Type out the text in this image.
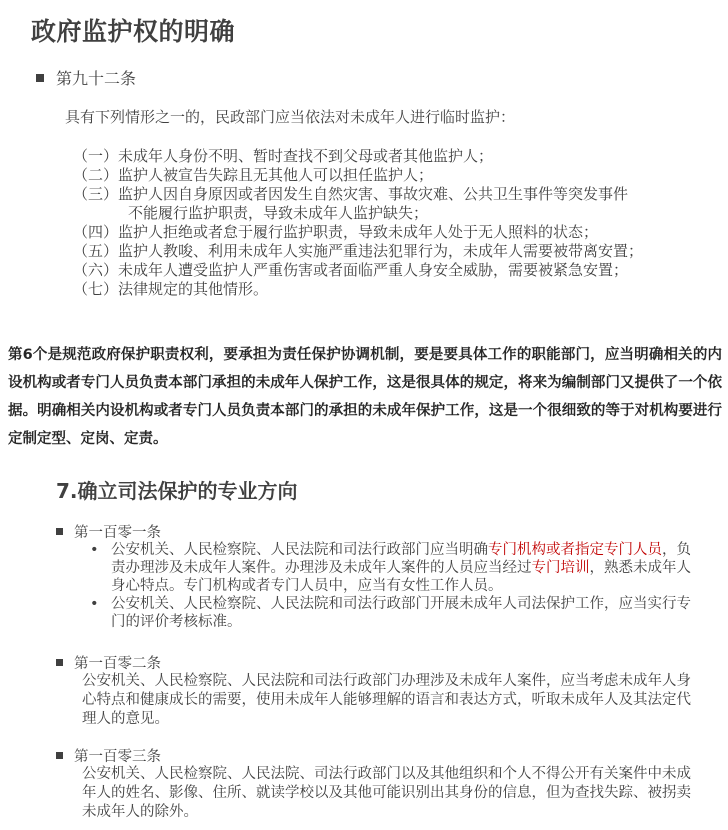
政府监护权的明确
第九十二条
具有下列情形之一的，民政部门应当依法对未成年人进行临时监护：
（一）未成年人身份不明、暂时查找不到父母或者其他监护人；
（二）监护人被宣告失踪且无其他人可以担任监护人；
（三）监护人因自身原因或者因发生自然灾害、事故灾难、公共卫生事件等突发事件
不能履行监护职责，导致未成年人监护缺失；
（四）监护人拒绝或者怠于履行监护职责，导致未成年人处于无人照料的状态；
（五）监护人教唆、利用未成年人实施严重违法犯罪行为，未成年人需要被带离安置；
（六）未成年人遭受监护人严重伤害或者面临严重人身安全威胁，需要被紧急安置；
（七）法律规定的其他情形。

第6个是规范政府保护职责权利，要承担为责任保护协调机制，要是要具体工作的职能部门，应当明确相关的内设机构或者专门人员负责本部门承担的未成年人保护工作，这是很具体的规定，将来为编制部门又提供了一个依据。明确相关内设机构或者专门人员负责本部门的承担的未成年保护工作，这是一个很细致的等于对机构要进行定制定型、定岗、定责。

7.确立司法保护的专业方向
第一百零一条
• 公安机关、人民检察院、人民法院和司法行政部门应当明确专门机构或者指定专门人员，负责办理涉及未成年人案件。办理涉及未成年人案件的人员应当经过专门培训，熟悉未成年人身心特点。专门机构或者专门人员中，应当有女性工作人员。
• 公安机关、人民检察院、人民法院和司法行政部门开展未成年人司法保护工作，应当实行专门的评价考核标准。
第一百零二条
公安机关、人民检察院、人民法院和司法行政部门办理涉及未成年人案件，应当考虑未成年人身心特点和健康成长的需要，使用未成年人能够理解的语言和表达方式，听取未成年人及其法定代理人的意见。
第一百零三条
公安机关、人民检察院、人民法院、司法行政部门以及其他组织和个人不得公开有关案件中未成年人的姓名、影像、住所、就读学校以及其他可能识别出其身份的信息，但为查找失踪、被拐卖未成年人的除外。
